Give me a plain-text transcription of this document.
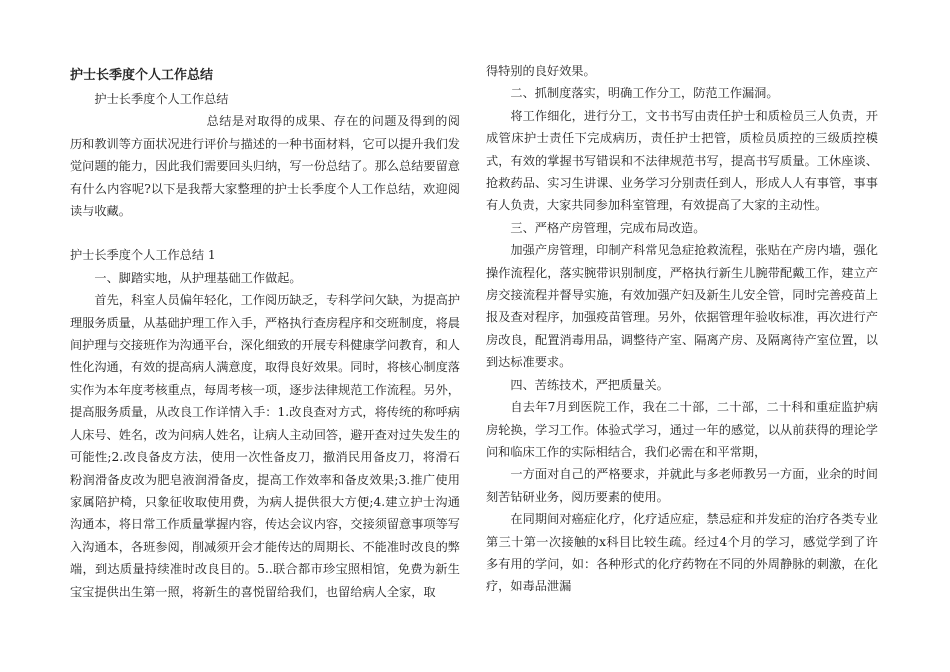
护士长季度个人工作总结

护士长季度个人工作总结

总结是对取得的成果、存在的问题及得到的阅历和教训等方面状况进行评价与描述的一种书面材料，它可以提升我们发觉问题的能力，因此我们需要回头归纳，写一份总结了。那么总结要留意有什么内容呢?以下是我帮大家整理的护士长季度个人工作总结，欢迎阅读与收藏。

护士长季度个人工作总结 1

一、脚踏实地，从护理基础工作做起。

首先，科室人员偏年轻化，工作阅历缺乏，专科学问欠缺，为提高护理服务质量，从基础护理工作入手，严格执行查房程序和交班制度，将晨间护理与交接班作为沟通平台，深化细致的开展专科健康学问教育，和人性化沟通，有效的提高病人满意度，取得良好效果。同时，将核心制度落实作为本年度考核重点，每周考核一项，逐步法律规范工作流程。另外，提高服务质量，从改良工作详情入手：1.改良查对方式，将传统的称呼病人床号、姓名，改为问病人姓名，让病人主动回答，避开查对过失发生的可能性;2.改良备皮方法，使用一次性备皮刀，撤消民用备皮刀，将滑石粉润滑备皮改为肥皂液润滑备皮，提高工作效率和备皮效果;3.推广使用家属陪护椅，只象征收取使用费，为病人提供很大方便;4.建立护士沟通沟通本，将日常工作质量掌握内容，传达会议内容，交接须留意事项等写入沟通本，各班参阅，削减须开会才能传达的周期长、不能准时改良的弊端，到达质量持续准时改良目的。5..联合都市珍宝照相馆，免费为新生宝宝提供出生第一照，将新生的喜悦留给我们，也留给病人全家，取

得特别的良好效果。

二、抓制度落实，明确工作分工，防范工作漏洞。

将工作细化，进行分工，文书书写由责任护士和质检员三人负责，开成管床护士责任下完成病历，责任护士把管，质检员质控的三级质控模式，有效的掌握书写错误和不法律规范书写，提高书写质量。工休座谈、抢救药品、实习生讲课、业务学习分别责任到人，形成人人有事管，事事有人负责，大家共同参加科室管理，有效提高了大家的主动性。

三、严格产房管理，完成布局改造。

加强产房管理，印制产科常见急症抢救流程，张贴在产房内墙，强化操作流程化，落实腕带识别制度，严格执行新生儿腕带配戴工作，建立产房交接流程并督导实施，有效加强产妇及新生儿安全管，同时完善疫苗上报及查对程序，加强疫苗管理。另外，依据管理年验收标准，再次进行产房改良，配置消毒用品，调整待产室、隔离产房、及隔离待产室位置，以到达标准要求。

四、苦练技术，严把质量关。

自去年7月到医院工作，我在二十部，二十部，二十科和重症监护病房轮换，学习工作。体验式学习，通过一年的感觉，以从前获得的理论学问和临床工作的实际相结合，我们必需在和平常期，

一方面对自己的严格要求，并就此与多老师教另一方面，业余的时间刻苦钻研业务，阅历要素的使用。

在同期间对癌症化疗，化疗适应症，禁忌症和并发症的治疗各类专业第三十第一次接触的x科目比较生疏。经过4个月的学习，感觉学到了许多有用的学问，如：各种形式的化疗药物在不同的外周静脉的刺激，在化疗，如毒品泄漏
